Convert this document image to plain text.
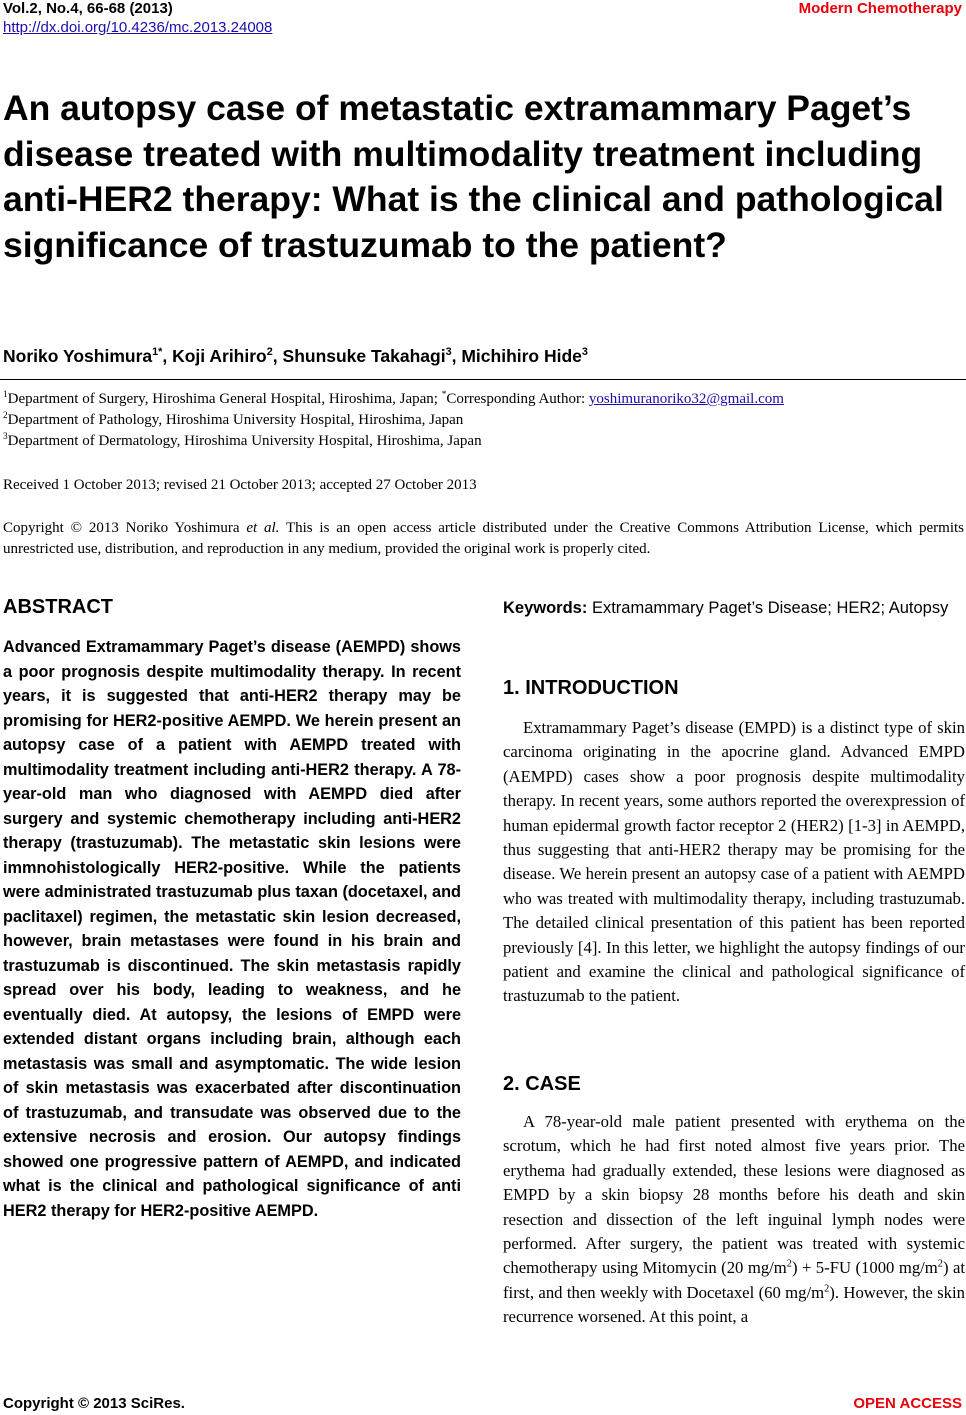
Vol.2, No.4, 66-68 (2013)
http://dx.doi.org/10.4236/mc.2013.24008
Modern Chemotherapy
An autopsy case of metastatic extramammary Paget’s disease treated with multimodality treatment including anti-HER2 therapy: What is the clinical and pathological significance of trastuzumab to the patient?
Noriko Yoshimura$^{1*}$, Koji Arihiro$^2$, Shunsuke Takahagi$^3$, Michihiro Hide$^3$
$^1$Department of Surgery, Hiroshima General Hospital, Hiroshima, Japan; *Corresponding Author: yoshimuranoriko32@gmail.com
$^2$Department of Pathology, Hiroshima University Hospital, Hiroshima, Japan
$^3$Department of Dermatology, Hiroshima University Hospital, Hiroshima, Japan
Received 1 October 2013; revised 21 October 2013; accepted 27 October 2013
Copyright © 2013 Noriko Yoshimura et al. This is an open access article distributed under the Creative Commons Attribution License, which permits unrestricted use, distribution, and reproduction in any medium, provided the original work is properly cited.
ABSTRACT

Advanced Extramammary Paget’s disease (AEMPD) shows a poor prognosis despite multimodality therapy. In recent years, it is suggested that anti-HER2 therapy may be promising for HER2-positive AEMPD. We herein present an autopsy case of a patient with AEMPD treated with multimodality treatment including anti-HER2 therapy. A 78-year-old man who diagnosed with AEMPD died after surgery and systemic chemotherapy including anti-HER2 therapy (trastuzumab). The metastatic skin lesions were immnohistologically HER2-positive. While the patients were administrated trastuzumab plus taxan (docetaxel, and paclitaxel) regimen, the metastatic skin lesion decreased, however, brain metastases were found in his brain and trastuzumab is discontinued. The skin metastasis rapidly spread over his body, leading to weakness, and he eventually died. At autopsy, the lesions of EMPD were extended distant organs including brain, although each metastasis was small and asymptomatic. The wide lesion of skin metastasis was exacerbated after discontinuation of trastuzumab, and transudate was observed due to the extensive necrosis and erosion. Our autopsy findings showed one progressive pattern of AEMPD, and indicated what is the clinical and pathological significance of anti HER2 therapy for HER2-positive AEMPD.

Keywords: Extramammary Paget’s Disease; HER2; Autopsy
1. INTRODUCTION

Extramammary Paget’s disease (EMPD) is a distinct type of skin carcinoma originating in the apocrine gland. Advanced EMPD (AEMPD) cases show a poor prognosis despite multimodality therapy. In recent years, some authors reported the overexpression of human epidermal growth factor receptor 2 (HER2) [1-3] in AEMPD, thus suggesting that anti-HER2 therapy may be promising for the disease. We herein present an autopsy case of a patient with AEMPD who was treated with multimodality therapy, including trastuzumab. The detailed clinical presentation of this patient has been reported previously [4]. In this letter, we highlight the autopsy findings of our patient and examine the clinical and pathological significance of trastuzumab to the patient.

2. CASE

A 78-year-old male patient presented with erythema on the scrotum, which he had first noted almost five years prior. The erythema had gradually extended, these lesions were diagnosed as EMPD by a skin biopsy 28 months before his death and skin resection and dissection of the left inguinal lymph nodes were performed. After surgery, the patient was treated with systemic chemotherapy using Mitomycin (20 $mg/m^2) + 5-FU$ (1000 $mg/m^2$) at first, and then weekly with Docetaxel (60 $mg/m^2$). However, the skin recurrence worsened. At this point, a

Copyright © 2013 SciRes.	OPEN ACCESS
